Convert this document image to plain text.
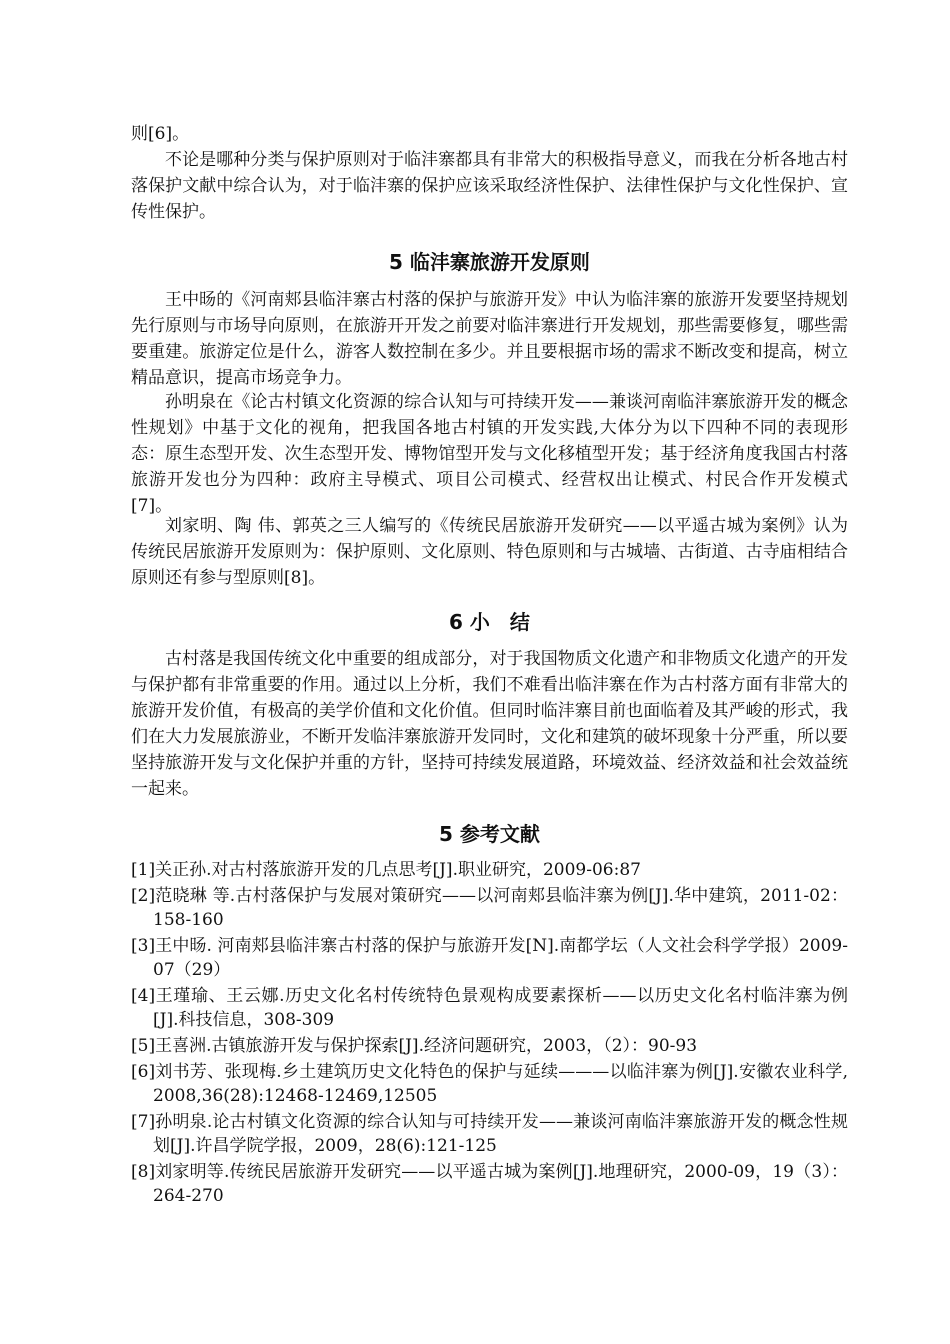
则[6]。

不论是哪种分类与保护原则对于临沣寨都具有非常大的积极指导意义，而我在分析各地古村落保护文献中综合认为，对于临沣寨的保护应该采取经济性保护、法律性保护与文化性保护、宣传性保护。

5 临沣寨旅游开发原则

王中旸的《河南郏县临沣寨古村落的保护与旅游开发》中认为临沣寨的旅游开发要坚持规划先行原则与市场导向原则，在旅游开开发之前要对临沣寨进行开发规划，那些需要修复，哪些需要重建。旅游定位是什么，游客人数控制在多少。并且要根据市场的需求不断改变和提高，树立精品意识，提高市场竞争力。

孙明泉在《论古村镇文化资源的综合认知与可持续开发——兼谈河南临沣寨旅游开发的概念性规划》中基于文化的视角，把我国各地古村镇的开发实践,大体分为以下四种不同的表现形态：原生态型开发、次生态型开发、博物馆型开发与文化移植型开发；基于经济角度我国古村落旅游开发也分为四种：政府主导模式、项目公司模式、经营权出让模式、村民合作开发模式[7]。

刘家明、陶 伟、郭英之三人编写的《传统民居旅游开发研究——以平遥古城为案例》认为传统民居旅游开发原则为：保护原则、文化原则、特色原则和与古城墙、古街道、古寺庙相结合原则还有参与型原则[8]。

6 小　结

古村落是我国传统文化中重要的组成部分，对于我国物质文化遗产和非物质文化遗产的开发与保护都有非常重要的作用。通过以上分析，我们不难看出临沣寨在作为古村落方面有非常大的旅游开发价值，有极高的美学价值和文化价值。但同时临沣寨目前也面临着及其严峻的形式，我们在大力发展旅游业，不断开发临沣寨旅游开发同时，文化和建筑的破坏现象十分严重，所以要坚持旅游开发与文化保护并重的方针，坚持可持续发展道路，环境效益、经济效益和社会效益统一起来。

5 参考文献
[1]关正孙.对古村落旅游开发的几点思考[J].职业研究，2009-06:87
[2]范晓琳 等.古村落保护与发展对策研究——以河南郏县临沣寨为例[J].华中建筑，2011-02：158-160
[3]王中旸. 河南郏县临沣寨古村落的保护与旅游开发[N].南都学坛（人文社会科学学报）2009-07（29）
[4]王瑾瑜、王云娜.历史文化名村传统特色景观构成要素探析——以历史文化名村临沣寨为例[J].科技信息，308-309
[5]王喜洲.古镇旅游开发与保护探索[J].经济问题研究，2003，（2）：90-93
[6]刘书芳、张现梅.乡土建筑历史文化特色的保护与延续———以临沣寨为例[J].安徽农业科学, 2008,36(28):12468-12469,12505
[7]孙明泉.论古村镇文化资源的综合认知与可持续开发——兼谈河南临沣寨旅游开发的概念性规划[J].许昌学院学报，2009，28(6):121-125
[8]刘家明等.传统民居旅游开发研究——以平遥古城为案例[J].地理研究，2000-09，19（3）：264-270
